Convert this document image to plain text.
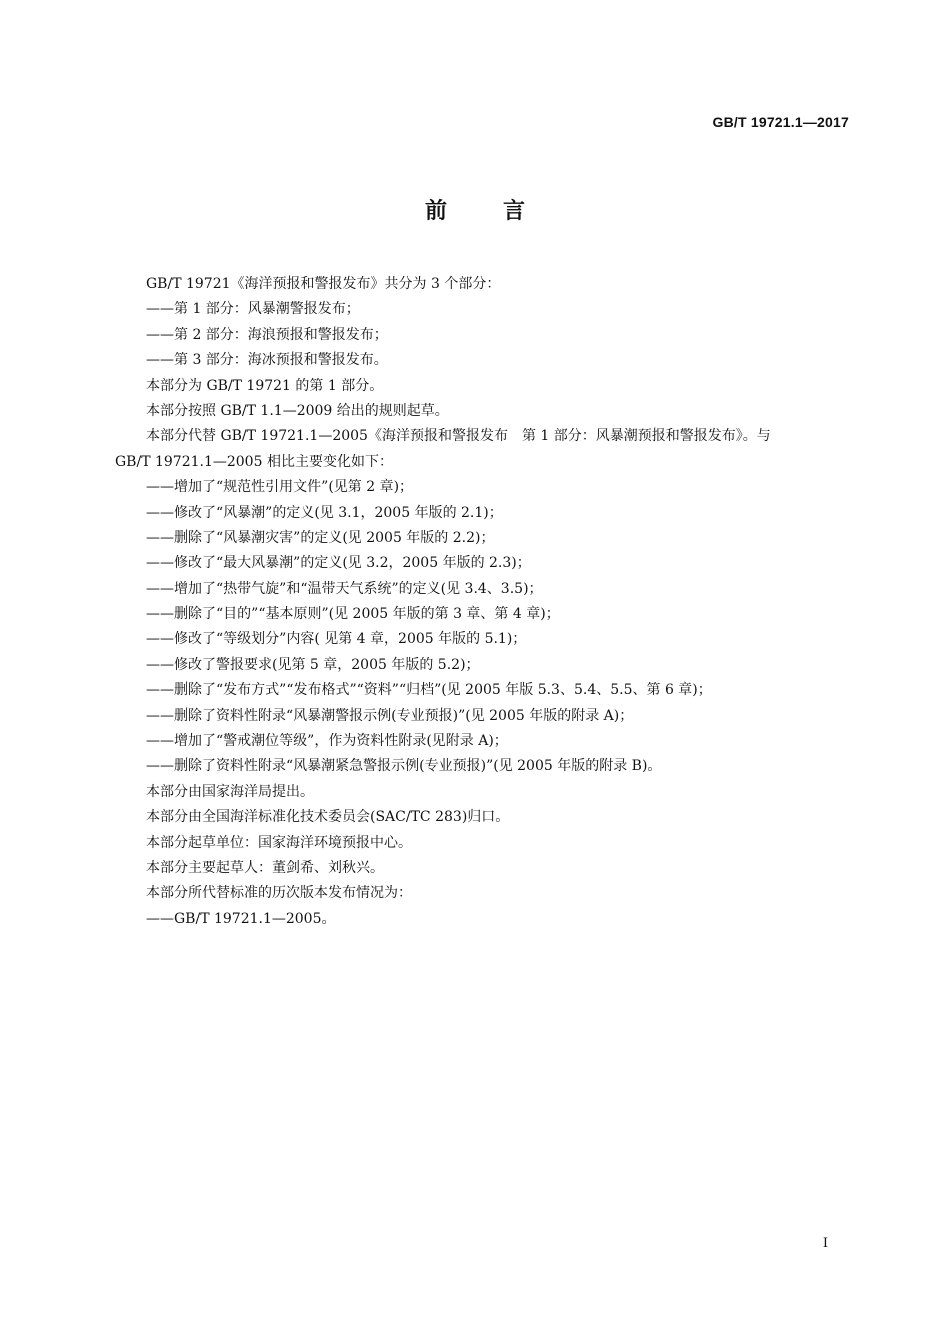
GB/T 19721.1—2017
前言
GB/T 19721《海洋预报和警报发布》共分为 3 个部分：
——第 1 部分：风暴潮警报发布；
——第 2 部分：海浪预报和警报发布；
——第 3 部分：海冰预报和警报发布。
本部分为 GB/T 19721 的第 1 部分。
本部分按照 GB/T 1.1—2009 给出的规则起草。
本部分代替 GB/T 19721.1—2005《海洋预报和警报发布　第 1 部分：风暴潮预报和警报发布》。与
GB/T 19721.1—2005 相比主要变化如下：
——增加了“规范性引用文件”(见第 2 章)；
——修改了“风暴潮”的定义(见 3.1，2005 年版的 2.1)；
——删除了“风暴潮灾害”的定义(见 2005 年版的 2.2)；
——修改了“最大风暴潮”的定义(见 3.2，2005 年版的 2.3)；
——增加了“热带气旋”和“温带天气系统”的定义(见 3.4、3.5)；
——删除了“目的”“基本原则”(见 2005 年版的第 3 章、第 4 章)；
——修改了“等级划分”内容( 见第 4 章，2005 年版的 5.1)；
——修改了警报要求(见第 5 章，2005 年版的 5.2)；
——删除了“发布方式”“发布格式”“资料”“归档”(见 2005 年版 5.3、5.4、5.5、第 6 章)；
——删除了资料性附录“风暴潮警报示例(专业预报)”(见 2005 年版的附录 A)；
——增加了“警戒潮位等级”，作为资料性附录(见附录 A)；
——删除了资料性附录“风暴潮紧急警报示例(专业预报)”(见 2005 年版的附录 B)。
本部分由国家海洋局提出。
本部分由全国海洋标准化技术委员会(SAC/TC 283)归口。
本部分起草单位：国家海洋环境预报中心。
本部分主要起草人：董剑希、刘秋兴。
本部分所代替标准的历次版本发布情况为：
——GB/T 19721.1—2005。
I
